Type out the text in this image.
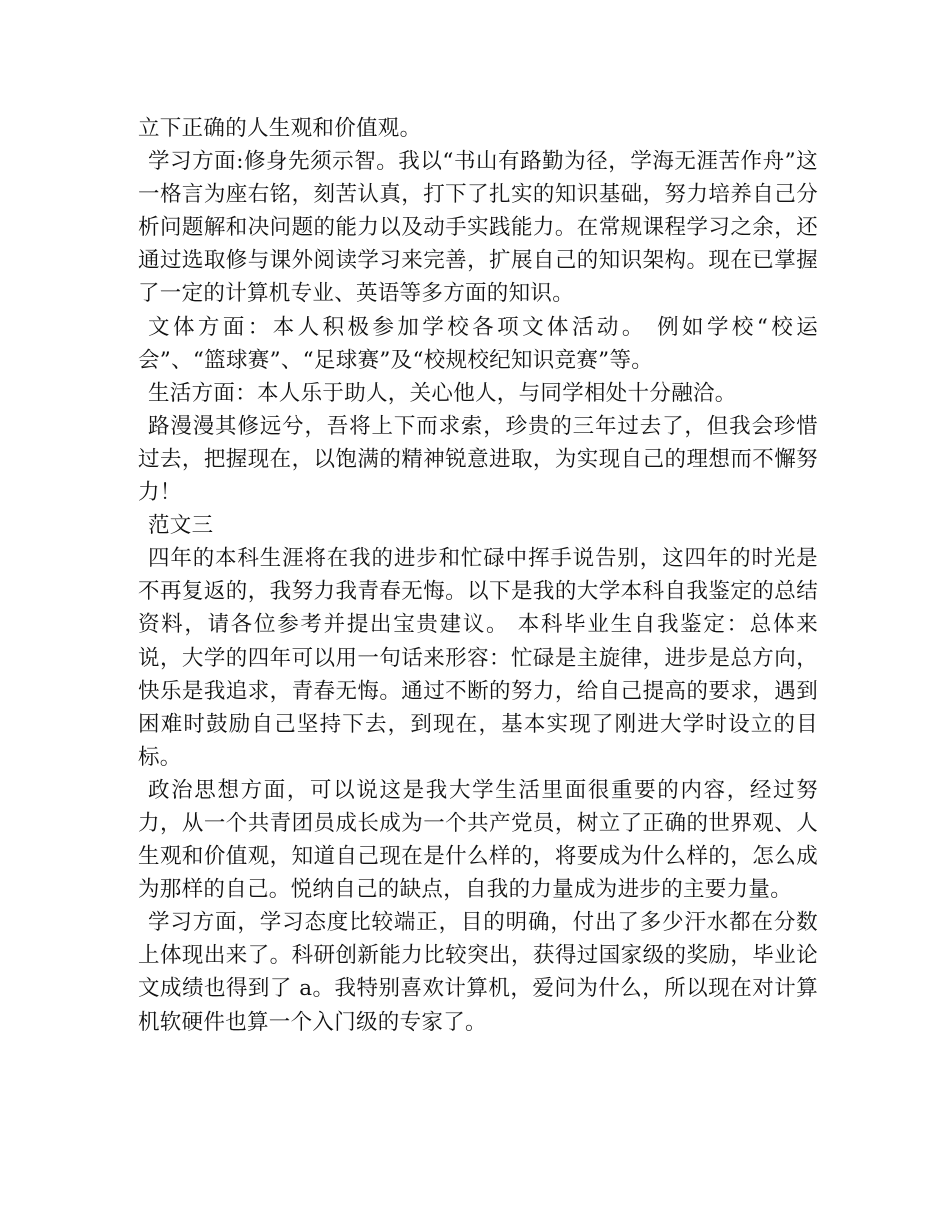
立下正确的人生观和价值观。

学习方面:修身先须示智。我以“书山有路勤为径，学海无涯苦作舟”这一格言为座右铭，刻苦认真，打下了扎实的知识基础，努力培养自己分析问题解和决问题的能力以及动手实践能力。在常规课程学习之余，还通过选取修与课外阅读学习来完善，扩展自己的知识架构。现在已掌握了一定的计算机专业、英语等多方面的知识。

文体方面：本人积极参加学校各项文体活动。 例如学校“校运会”、“篮球赛”、“足球赛”及“校规校纪知识竞赛”等。

生活方面：本人乐于助人，关心他人，与同学相处十分融洽。

路漫漫其修远兮，吾将上下而求索，珍贵的三年过去了，但我会珍惜过去，把握现在，以饱满的精神锐意进取，为实现自己的理想而不懈努力！

范文三

四年的本科生涯将在我的进步和忙碌中挥手说告别，这四年的时光是不再复返的，我努力我青春无悔。以下是我的大学本科自我鉴定的总结资料，请各位参考并提出宝贵建议。 本科毕业生自我鉴定：总体来说，大学的四年可以用一句话来形容：忙碌是主旋律，进步是总方向，快乐是我追求，青春无悔。通过不断的努力，给自己提高的要求，遇到困难时鼓励自己坚持下去，到现在，基本实现了刚进大学时设立的目标。

政治思想方面，可以说这是我大学生活里面很重要的内容，经过努力，从一个共青团员成长成为一个共产党员，树立了正确的世界观、人生观和价值观，知道自己现在是什么样的，将要成为什么样的，怎么成为那样的自己。悦纳自己的缺点，自我的力量成为进步的主要力量。

学习方面，学习态度比较端正，目的明确，付出了多少汗水都在分数上体现出来了。科研创新能力比较突出，获得过国家级的奖励，毕业论文成绩也得到了 a。我特别喜欢计算机，爱问为什么，所以现在对计算机软硬件也算一个入门级的专家了。
